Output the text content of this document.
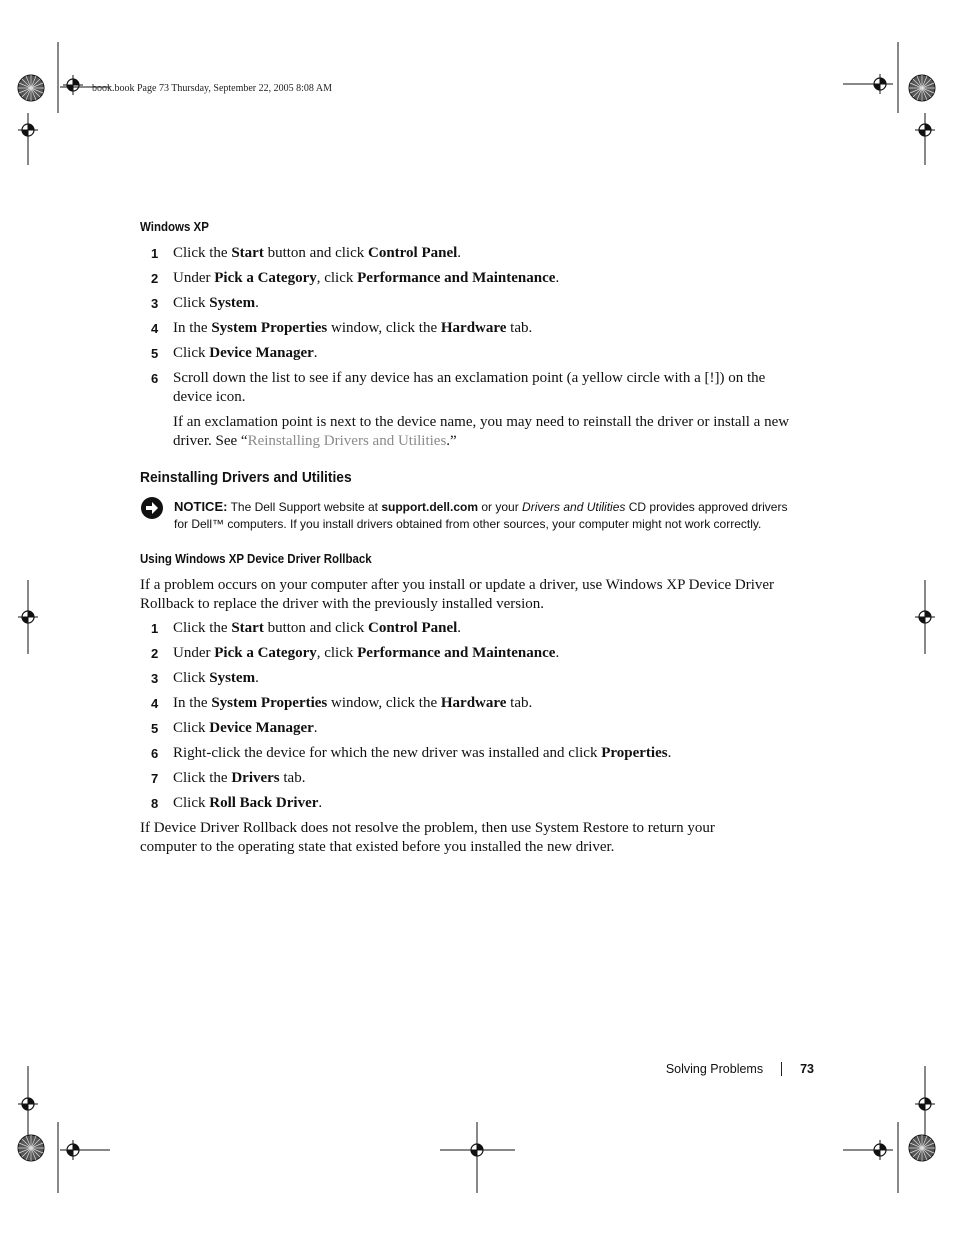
book.book Page 73 Thursday, September 22, 2005 8:08 AM
Windows XP
1 Click the Start button and click Control Panel.
2 Under Pick a Category, click Performance and Maintenance.
3 Click System.
4 In the System Properties window, click the Hardware tab.
5 Click Device Manager.
6 Scroll down the list to see if any device has an exclamation point (a yellow circle with a [!]) on the
device icon.
If an exclamation point is next to the device name, you may need to reinstall the driver or install a new
driver. See “Reinstalling Drivers and Utilities.”
Reinstalling Drivers and Utilities
NOTICE: The Dell Support website at support.dell.com or your Drivers and Utilities CD provides approved drivers
for Dell™ computers. If you install drivers obtained from other sources, your computer might not work correctly.
Using Windows XP Device Driver Rollback
If a problem occurs on your computer after you install or update a driver, use Windows XP Device Driver
Rollback to replace the driver with the previously installed version.
1 Click the Start button and click Control Panel.
2 Under Pick a Category, click Performance and Maintenance.
3 Click System.
4 In the System Properties window, click the Hardware tab.
5 Click Device Manager.
6 Right-click the device for which the new driver was installed and click Properties.
7 Click the Drivers tab.
8 Click Roll Back Driver.
If Device Driver Rollback does not resolve the problem, then use System Restore to return your
computer to the operating state that existed before you installed the new driver.
Solving Problems	73
